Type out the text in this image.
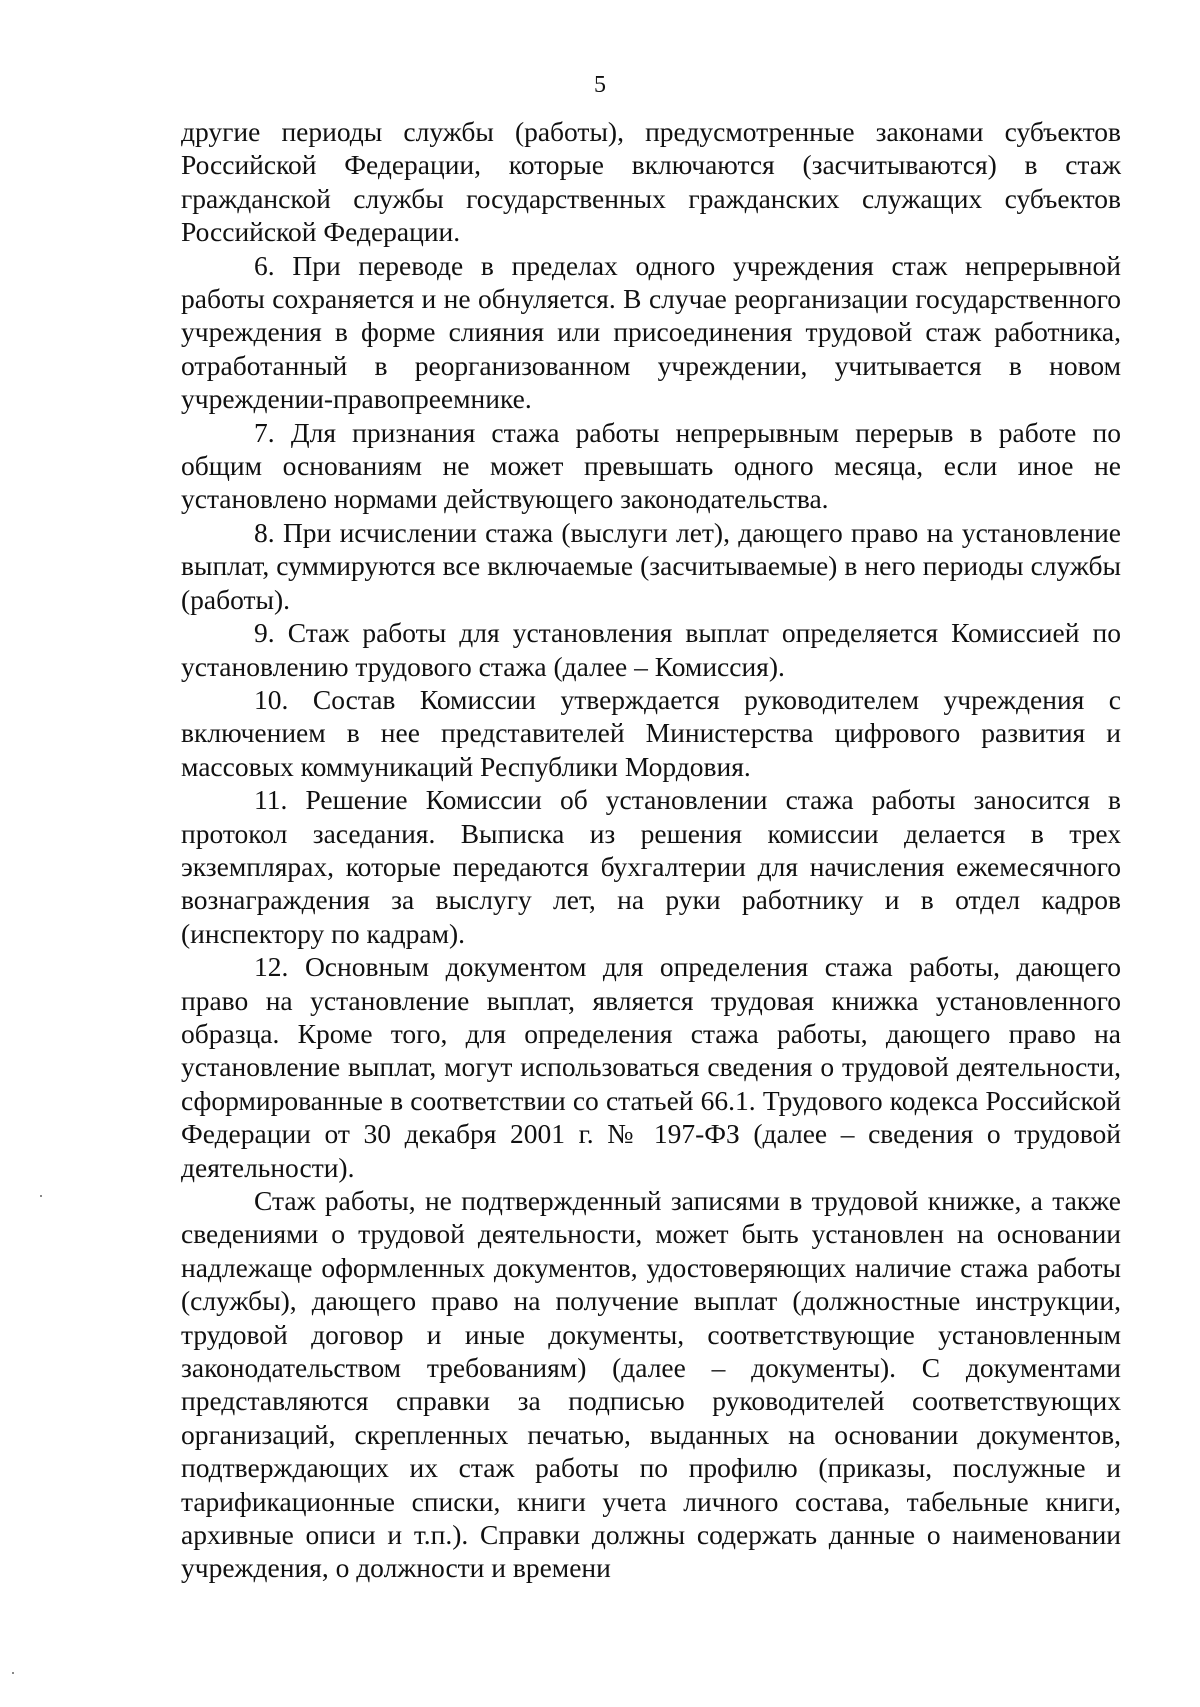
5

другие периоды службы (работы), предусмотренные законами субъектов Российской Федерации, которые включаются (засчитываются) в стаж гражданской службы государственных гражданских служащих субъектов Российской Федерации.

6. При переводе в пределах одного учреждения стаж непрерывной работы сохраняется и не обнуляется. В случае реорганизации государственного учреждения в форме слияния или присоединения трудовой стаж работника, отработанный в реорганизованном учреждении, учитывается в новом учреждении-правопреемнике.

7. Для признания стажа работы непрерывным перерыв в работе по общим основаниям не может превышать одного месяца, если иное не установлено нормами действующего законодательства.

8. При исчислении стажа (выслуги лет), дающего право на установление выплат, суммируются все включаемые (засчитываемые) в него периоды службы (работы).

9. Стаж работы для установления выплат определяется Комиссией по установлению трудового стажа (далее – Комиссия).

10. Состав Комиссии утверждается руководителем учреждения с включением в нее представителей Министерства цифрового развития и массовых коммуникаций Республики Мордовия.

11. Решение Комиссии об установлении стажа работы заносится в протокол заседания. Выписка из решения комиссии делается в трех экземплярах, которые передаются бухгалтерии для начисления ежемесячного вознаграждения за выслугу лет, на руки работнику и в отдел кадров (инспектору по кадрам).

12. Основным документом для определения стажа работы, дающего право на установление выплат, является трудовая книжка установленного образца. Кроме того, для определения стажа работы, дающего право на установление выплат, могут использоваться сведения о трудовой деятельности, сформированные в соответствии со статьей 66.1. Трудового кодекса Российской Федерации от 30 декабря 2001 г. № 197-ФЗ (далее – сведения о трудовой деятельности).

Стаж работы, не подтвержденный записями в трудовой книжке, а также сведениями о трудовой деятельности, может быть установлен на основании надлежаще оформленных документов, удостоверяющих наличие стажа работы (службы), дающего право на получение выплат (должностные инструкции, трудовой договор и иные документы, соответствующие установленным законодательством требованиям) (далее – документы). С документами представляются справки за подписью руководителей соответствующих организаций, скрепленных печатью, выданных на основании документов, подтверждающих их стаж работы по профилю (приказы, послужные и тарификационные списки, книги учета личного состава, табельные книги, архивные описи и т.п.). Справки должны содержать данные о наименовании учреждения, о должности и времени
